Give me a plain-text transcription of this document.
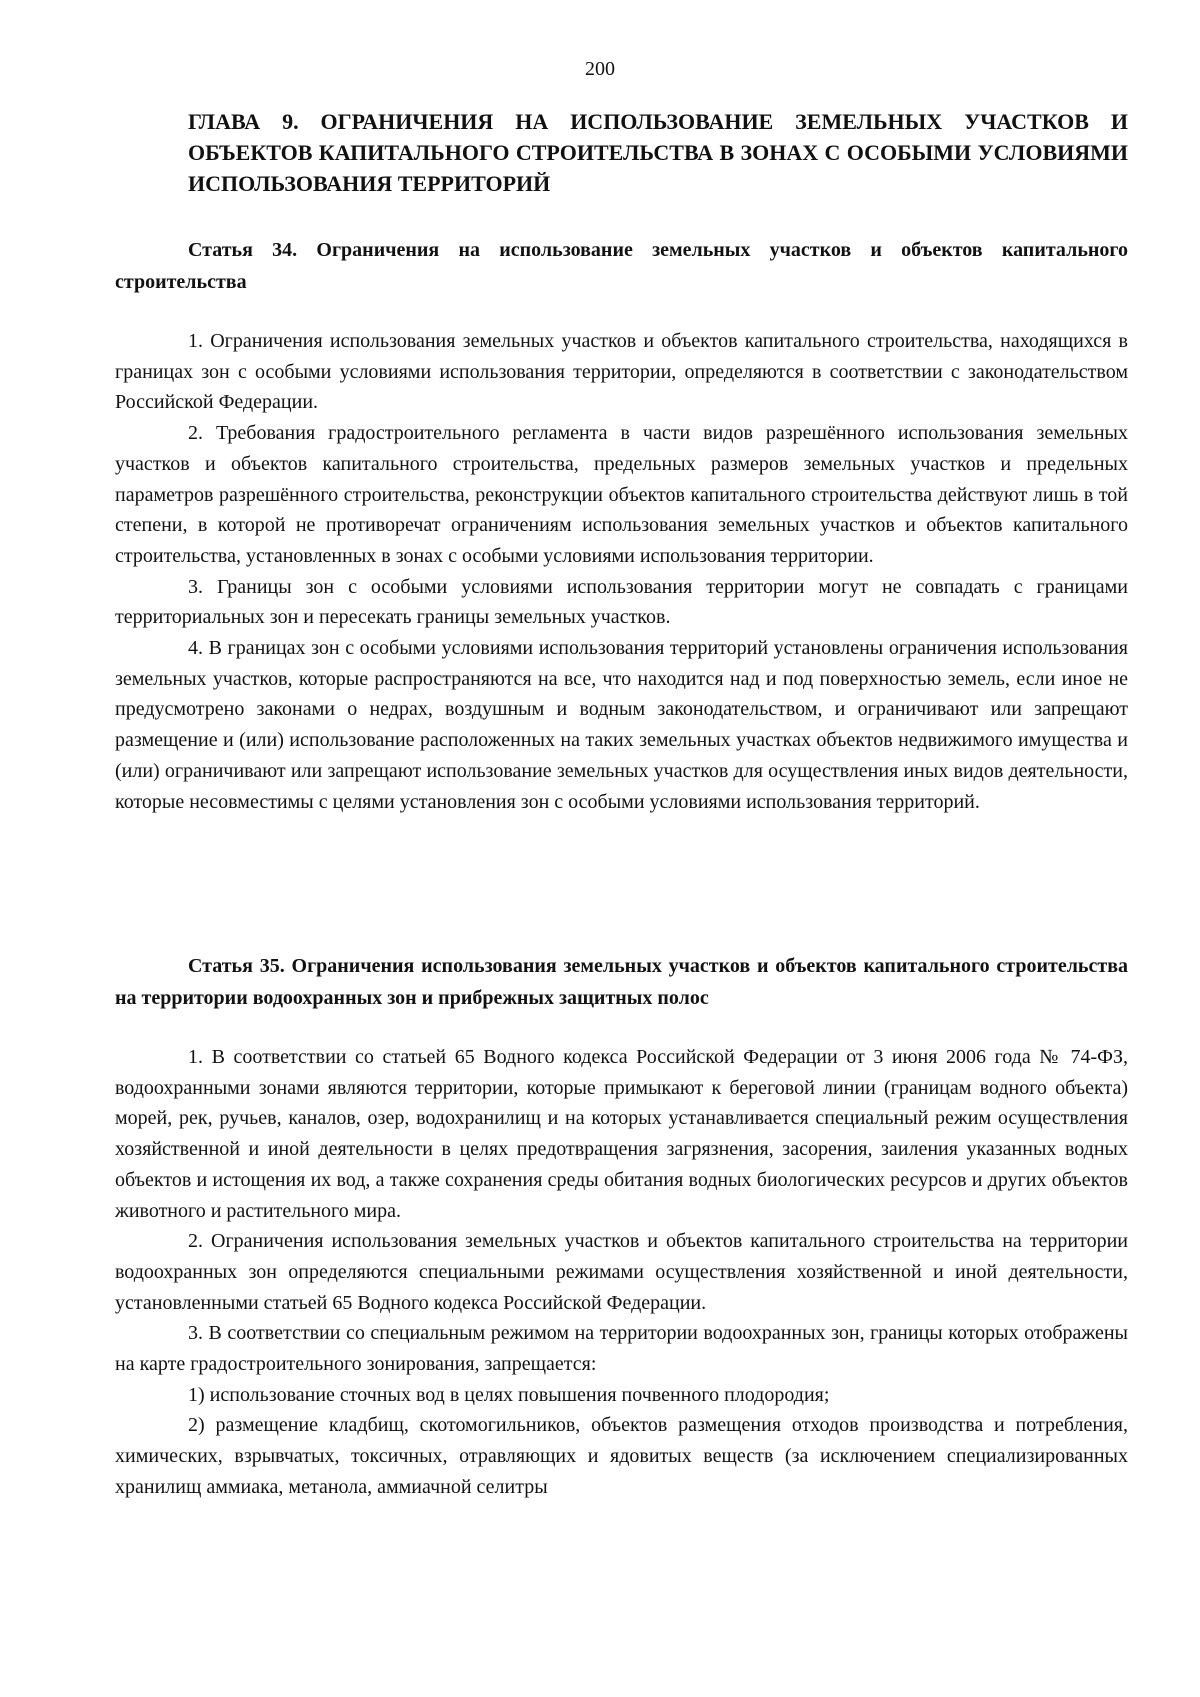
200
ГЛАВА 9. ОГРАНИЧЕНИЯ НА ИСПОЛЬЗОВАНИЕ ЗЕМЕЛЬНЫХ УЧАСТКОВ И ОБЪЕКТОВ КАПИТАЛЬНОГО СТРОИТЕЛЬСТВА В ЗОНАХ С ОСОБЫМИ УСЛОВИЯМИ ИСПОЛЬЗОВАНИЯ ТЕРРИТОРИЙ
Статья 34. Ограничения на использование земельных участков и объектов капитального строительства

1. Ограничения использования земельных участков и объектов капитального строительства, находящихся в границах зон с особыми условиями использования территории, определяются в соответствии с законодательством Российской Федерации.

2. Требования градостроительного регламента в части видов разрешённого использования земельных участков и объектов капитального строительства, предельных размеров земельных участков и предельных параметров разрешённого строительства, реконструкции объектов капитального строительства действуют лишь в той степени, в которой не противоречат ограничениям использования земельных участков и объектов капитального строительства, установленных в зонах с особыми условиями использования территории.

3. Границы зон с особыми условиями использования территории могут не совпадать с границами территориальных зон и пересекать границы земельных участков.

4. В границах зон с особыми условиями использования территорий установлены ограничения использования земельных участков, которые распространяются на все, что находится над и под поверхностью земель, если иное не предусмотрено законами о недрах, воздушным и водным законодательством, и ограничивают или запрещают размещение и (или) использование расположенных на таких земельных участках объектов недвижимого имущества и (или) ограничивают или запрещают использование земельных участков для осуществления иных видов деятельности, которые несовместимы с целями установления зон с особыми условиями использования территорий.

Статья 35. Ограничения использования земельных участков и объектов капитального строительства на территории водоохранных зон и прибрежных защитных полос

1. В соответствии со статьей 65 Водного кодекса Российской Федерации от 3 июня 2006 года № 74-ФЗ, водоохранными зонами являются территории, которые примыкают к береговой линии (границам водного объекта) морей, рек, ручьев, каналов, озер, водохранилищ и на которых устанавливается специальный режим осуществления хозяйственной и иной деятельности в целях предотвращения загрязнения, засорения, заиления указанных водных объектов и истощения их вод, а также сохранения среды обитания водных биологических ресурсов и других объектов животного и растительного мира.

2. Ограничения использования земельных участков и объектов капитального строительства на территории водоохранных зон определяются специальными режимами осуществления хозяйственной и иной деятельности, установленными статьей 65 Водного кодекса Российской Федерации.

3. В соответствии со специальным режимом на территории водоохранных зон, границы которых отображены на карте градостроительного зонирования, запрещается:

1) использование сточных вод в целях повышения почвенного плодородия;

2) размещение кладбищ, скотомогильников, объектов размещения отходов производства и потребления, химических, взрывчатых, токсичных, отравляющих и ядовитых веществ (за исключением специализированных хранилищ аммиака, метанола, аммиачной селитры
